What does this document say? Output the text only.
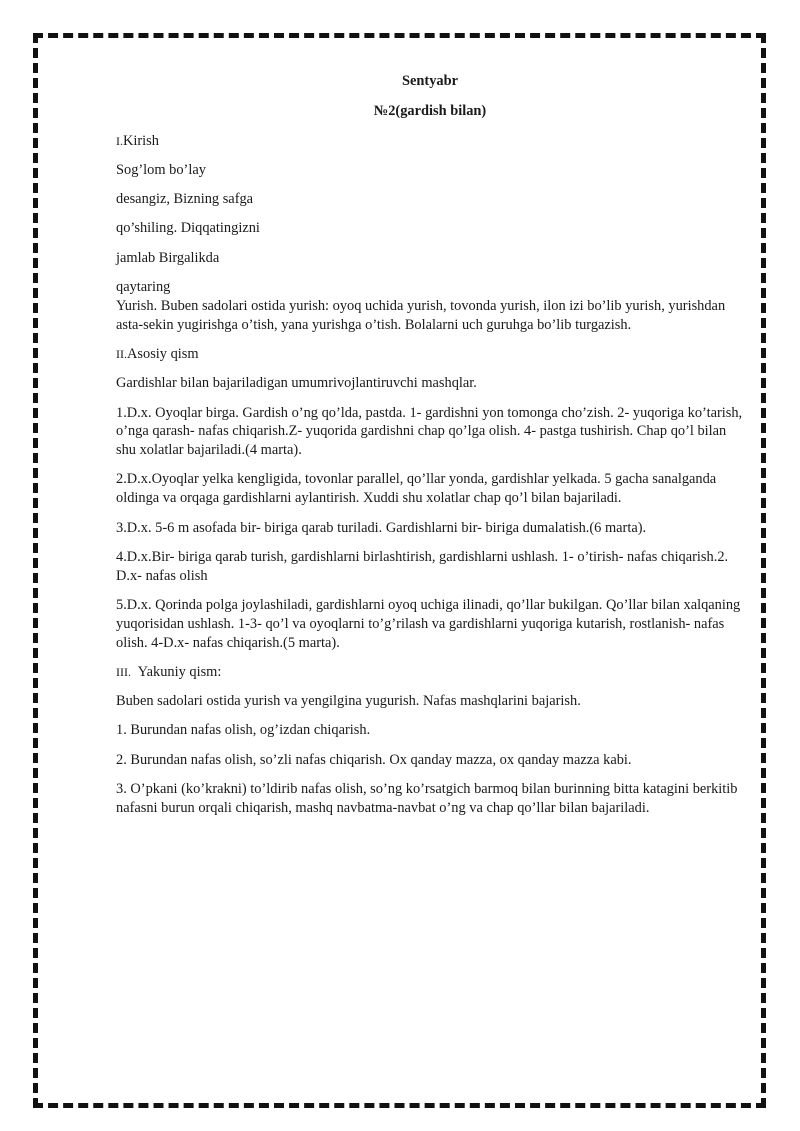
Sentyabr
№2(gardish bilan)

I.Kirish

Sog’lom bo’lay

desangiz, Bizning safga

qo’shiling. Diqqatingizni

jamlab Birgalikda

qaytaring

Yurish. Buben sadolari ostida yurish: oyoq uchida yurish, tovonda yurish, ilon izi bo’lib yurish, yurishdan asta-sekin yugirishga o’tish, yana yurishga o’tish. Bolalarni uch guruhga bo’lib turgazish.

II.Asosiy qism

Gardishlar bilan bajariladigan umumrivojlantiruvchi mashqlar.

1.D.x. Oyoqlar birga. Gardish o’ng qo’lda, pastda. 1- gardishni yon tomonga cho’zish. 2- yuqoriga ko’tarish, o’nga qarash- nafas chiqarish.Z- yuqorida gardishni chap qo’lga olish. 4- pastga tushirish. Chap qo’l bilan shu xolatlar bajariladi.(4 marta).

2.D.x.Oyoqlar yelka kengligida, tovonlar parallel, qo’llar yonda, gardishlar yelkada. 5 gacha sanalganda oldinga va orqaga gardishlarni aylantirish. Xuddi shu xolatlar chap qo’l bilan bajariladi.

3.D.x. 5-6 m asofada bir- biriga qarab turiladi. Gardishlarni bir- biriga dumalatish.(6 marta).

4.D.x.Bir- biriga qarab turish, gardishlarni birlashtirish, gardishlarni ushlash. 1- o’tirish- nafas chiqarish.2. D.x- nafas olish

5.D.x. Qorinda polga joylashiladi, gardishlarni oyoq uchiga ilinadi, qo’llar bukilgan. Qo’llar bilan xalqaning yuqorisidan ushlash. 1-3- qo’l va oyoqlarni to’g’rilash va gardishlarni yuqoriga kutarish, rostlanish- nafas olish. 4-D.x- nafas chiqarish.(5 marta).

III. Yakuniy qism:

Buben sadolari ostida yurish va yengilgina yugurish. Nafas mashqlarini bajarish.

1. Burundan nafas olish, og’izdan chiqarish.

2. Burundan nafas olish, so’zli nafas chiqarish. Ox qanday mazza, ox qanday mazza kabi.

3. O’pkani (ko’krakni) to’ldirib nafas olish, so’ng ko’rsatgich barmoq bilan burinning bitta katagini berkitib nafasni burun orqali chiqarish, mashq navbatma-navbat o’ng va chap qo’llar bilan bajariladi.
